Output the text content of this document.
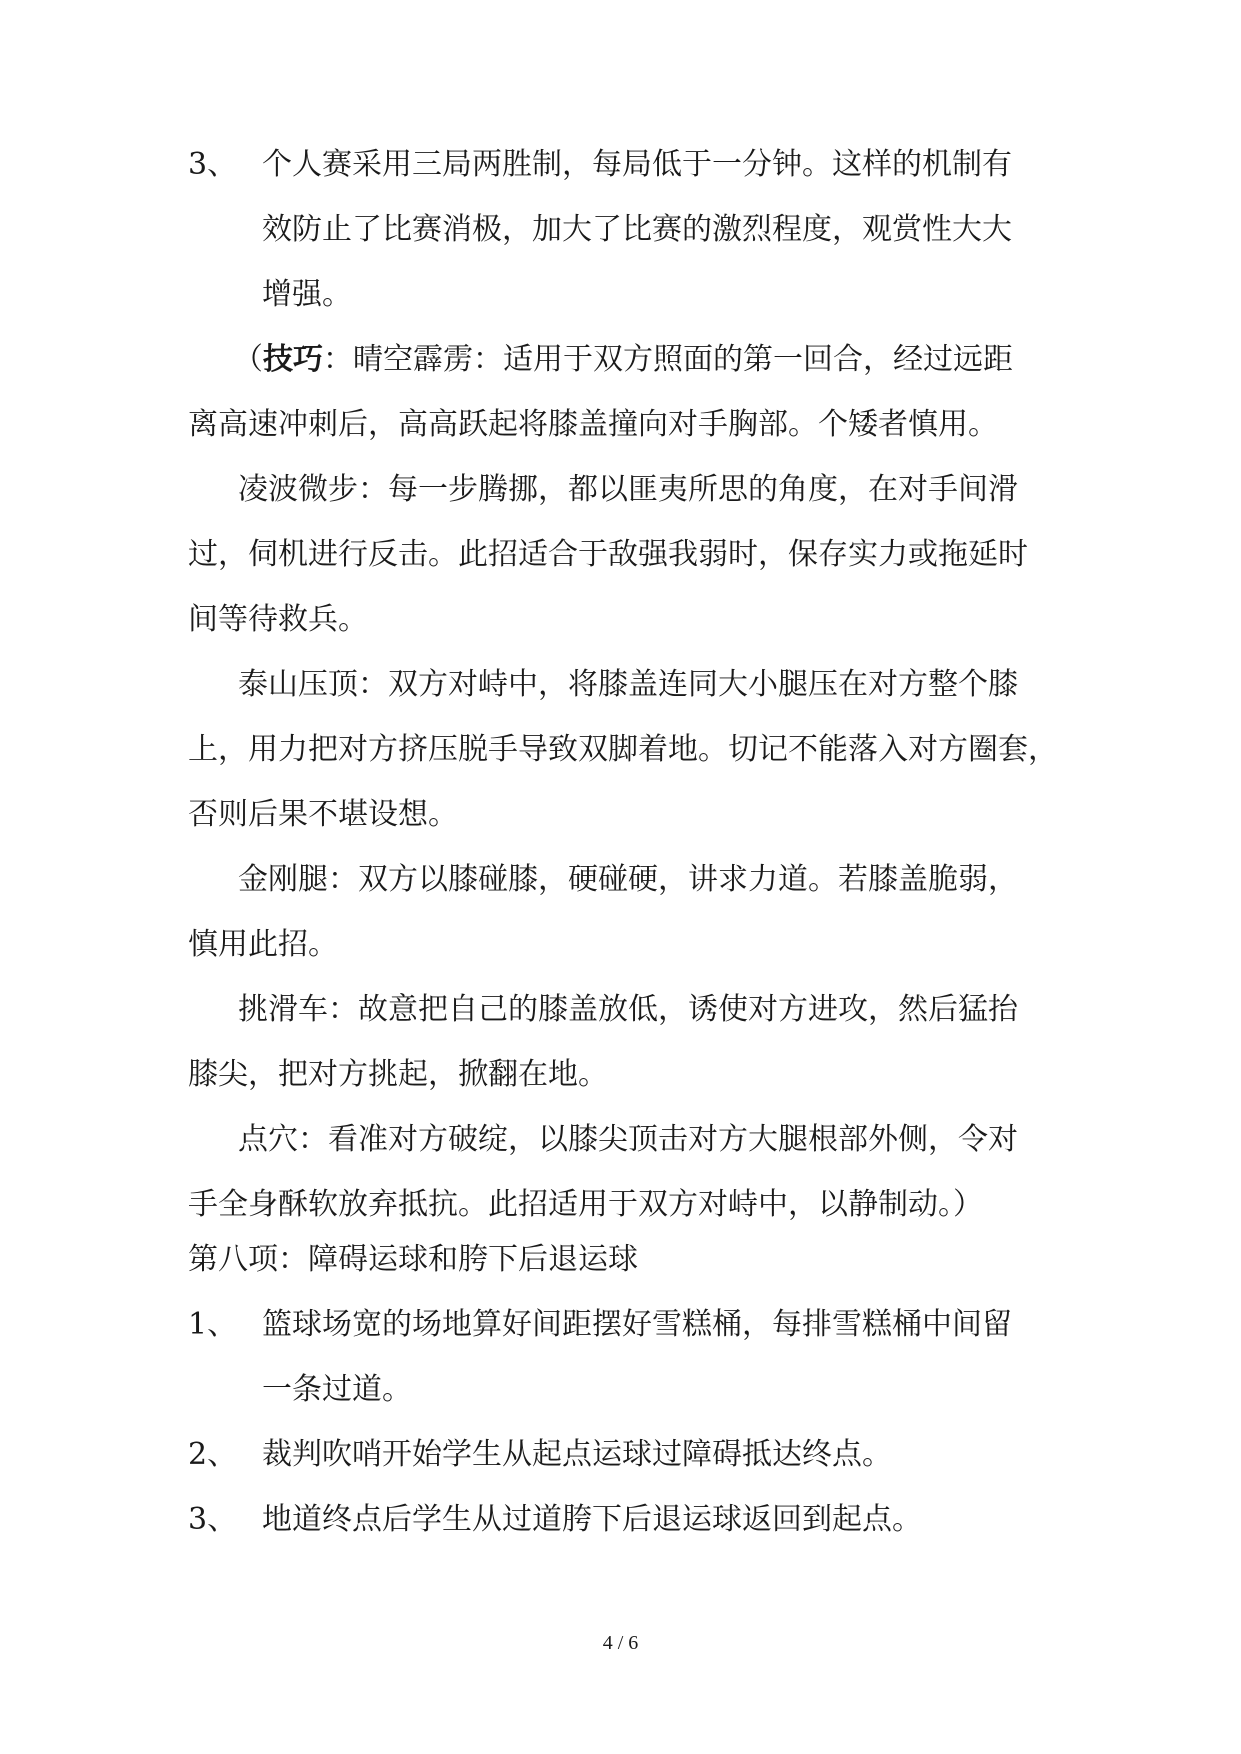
3、 个人赛采用三局两胜制，每局低于一分钟。这样的机制有
效防止了比赛消极，加大了比赛的激烈程度，观赏性大大
增强。
（技巧：晴空霹雳：适用于双方照面的第一回合，经过远距
离高速冲刺后，高高跃起将膝盖撞向对手胸部。个矮者慎用。
凌波微步：每一步腾挪，都以匪夷所思的角度，在对手间滑
过，伺机进行反击。此招适合于敌强我弱时，保存实力或拖延时
间等待救兵。
泰山压顶：双方对峙中，将膝盖连同大小腿压在对方整个膝
上，用力把对方挤压脱手导致双脚着地。切记不能落入对方圈套，
否则后果不堪设想。
金刚腿：双方以膝碰膝，硬碰硬，讲求力道。若膝盖脆弱，
慎用此招。
挑滑车：故意把自己的膝盖放低，诱使对方进攻，然后猛抬
膝尖，把对方挑起，掀翻在地。
点穴：看准对方破绽，以膝尖顶击对方大腿根部外侧，令对
手全身酥软放弃抵抗。此招适用于双方对峙中，以静制动。）
第八项：障碍运球和胯下后退运球
1、 篮球场宽的场地算好间距摆好雪糕桶，每排雪糕桶中间留
一条过道。
2、 裁判吹哨开始学生从起点运球过障碍抵达终点。
3、 地道终点后学生从过道胯下后退运球返回到起点。
4 / 6
